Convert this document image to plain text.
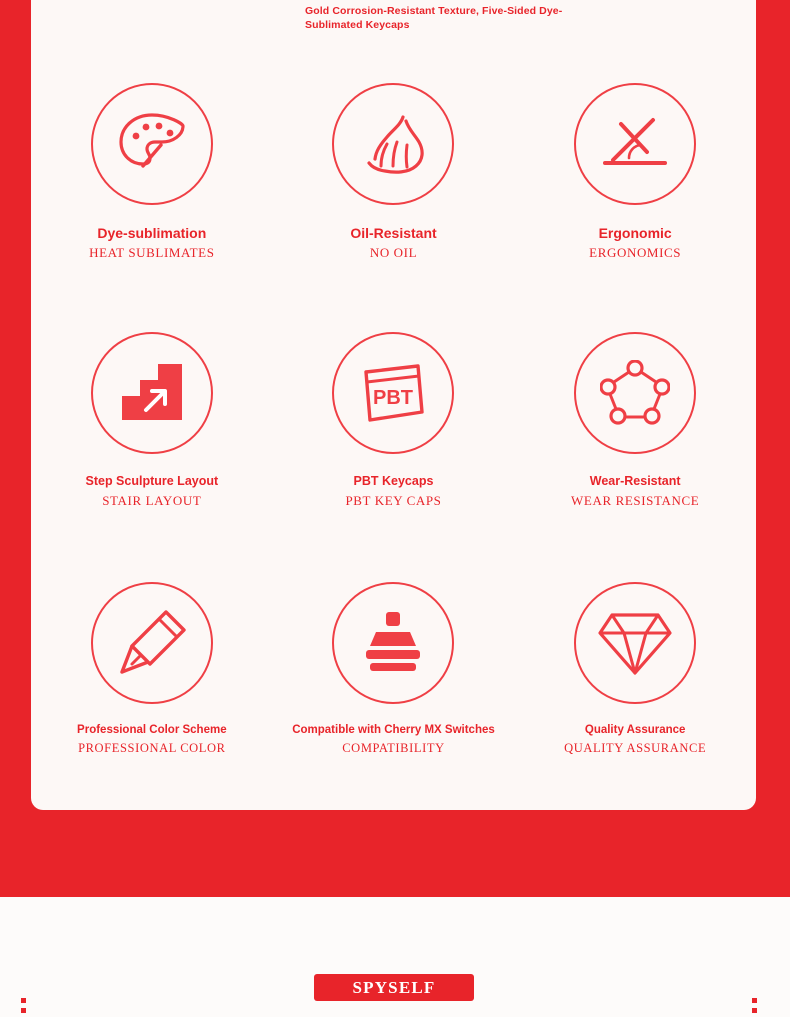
Gold Corrosion-Resistant Texture, Five-Sided Dye-Sublimated Keycaps
Dye-sublimation
HEAT SUBLIMATES
Oil-Resistant
NO OIL
Ergonomic
ERGONOMICS
Step Sculpture Layout
STAIR LAYOUT
PBT
PBT Keycaps
PBT KEY CAPS
Wear-Resistant
WEAR RESISTANCE
Professional Color Scheme
PROFESSIONAL COLOR
Compatible with Cherry MX Switches
COMPATIBILITY
Quality Assurance
QUALITY ASSURANCE
SPYSELF
